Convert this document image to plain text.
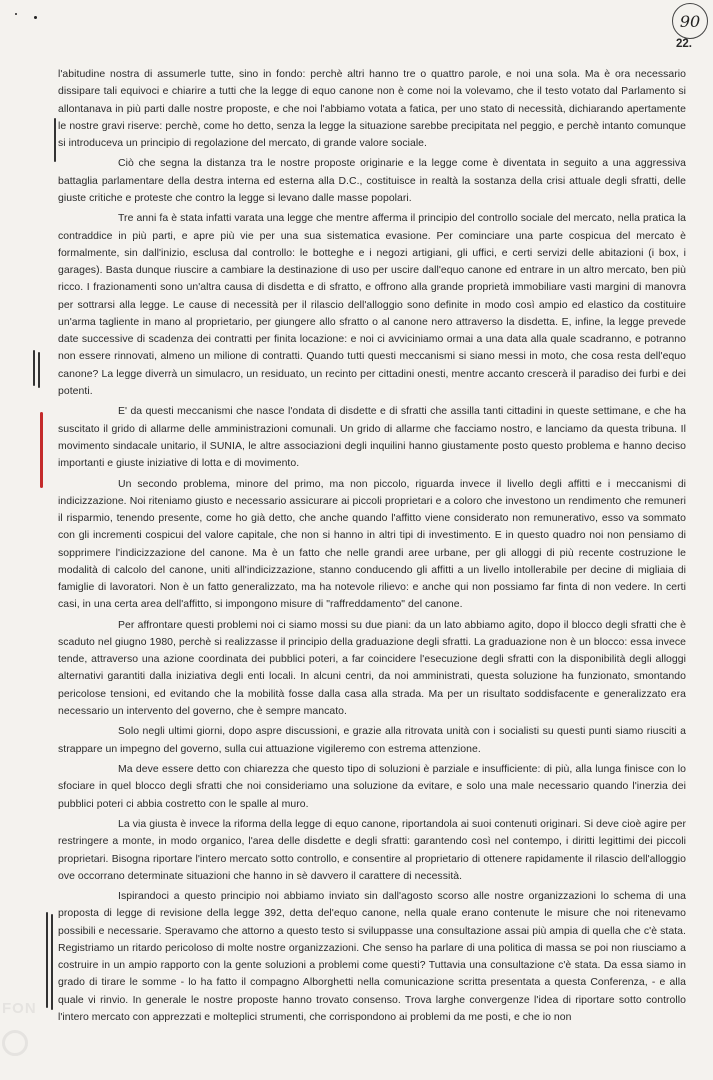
90
22.

l'abitudine nostra di assumerle tutte, sino in fondo: perchè altri hanno tre o quattro parole, e noi una sola. Ma è ora necessario dissipare tali equivoci e chiarire a tutti che la legge di equo canone non è come noi la volevamo, che il testo votato dal Parlamento si allontanava in più parti dalle nostre proposte, e che noi l'abbiamo votata a fatica, per uno stato di necessità, dichiarando apertamente le nostre gravi riserve: perchè, come ho detto, senza la legge la situazione sarebbe precipitata nel peggio, e perchè intanto comunque si introduceva un principio di regolazione del mercato, di grande valore sociale.

Ciò che segna la distanza tra le nostre proposte originarie e la legge come è diventata in seguito a una aggressiva battaglia parlamentare della destra interna ed esterna alla D.C., costituisce in realtà la sostanza della crisi attuale degli sfratti, delle giuste critiche e proteste che contro la legge si levano dalle masse popolari.

Tre anni fa è stata infatti varata una legge che mentre afferma il principio del controllo sociale del mercato, nella pratica la contraddice in più parti, e apre più vie per una sua sistematica evasione. Per cominciare una parte cospicua del mercato è formalmente, sin dall'inizio, esclusa dal controllo: le botteghe e i negozi artigiani, gli uffici, e certi servizi delle abitazioni (i box, i garages). Basta dunque riuscire a cambiare la destinazione di uso per uscire dall'equo canone ed entrare in un altro mercato, ben più ricco. I frazionamenti sono un'altra causa di disdetta e di sfratto, e offrono alla grande proprietà immobiliare vasti margini di manovra per sottrarsi alla legge. Le cause di necessità per il rilascio dell'alloggio sono definite in modo così ampio ed elastico da costituire un'arma tagliente in mano al proprietario, per giungere allo sfratto o al canone nero attraverso la disdetta. E, infine, la legge prevede date successive di scadenza dei contratti per finita locazione: e noi ci avviciniamo ormai a una data alla quale scadranno, e potranno non essere rinnovati, almeno un milione di contratti. Quando tutti questi meccanismi si siano messi in moto, che cosa resta dell'equo canone? La legge diverrà un simulacro, un residuato, un recinto per cittadini onesti, mentre accanto crescerà il paradiso dei furbi e dei potenti.

E' da questi meccanismi che nasce l'ondata di disdette e di sfratti che assilla tanti cittadini in queste settimane, e che ha suscitato il grido di allarme delle amministrazioni comunali. Un grido di allarme che facciamo nostro, e lanciamo da questa tribuna. Il movimento sindacale unitario, il SUNIA, le altre associazioni degli inquilini hanno giustamente posto questo problema e hanno deciso importanti e giuste iniziative di lotta e di movimento.

Un secondo problema, minore del primo, ma non piccolo, riguarda invece il livello degli affitti e i meccanismi di indicizzazione. Noi riteniamo giusto e necessario assicurare ai piccoli proprietari e a coloro che investono un rendimento che remuneri il risparmio, tenendo presente, come ho già detto, che anche quando l'affitto viene considerato non remunerativo, esso va sommato con gli incrementi cospicui del valore capitale, che non si hanno in altri tipi di investimento. E in questo quadro noi non pensiamo di sopprimere l'indicizzazione del canone. Ma è un fatto che nelle grandi aree urbane, per gli alloggi di più recente costruzione le modalità di calcolo del canone, uniti all'indicizzazione, stanno conducendo gli affitti a un livello intollerabile per decine di migliaia di famiglie di lavoratori. Non è un fatto generalizzato, ma ha notevole rilievo: e anche qui non possiamo far finta di non vedere. In certi casi, in una certa area dell'affitto, si impongono misure di "raffreddamento" del canone.

Per affrontare questi problemi noi ci siamo mossi su due piani: da un lato abbiamo agito, dopo il blocco degli sfratti che è scaduto nel giugno 1980, perchè si realizzasse il principio della graduazione degli sfratti. La graduazione non è un blocco: essa invece tende, attraverso una azione coordinata dei pubblici poteri, a far coincidere l'esecuzione degli sfratti con la disponibilità degli alloggi alternativi garantiti dalla iniziativa degli enti locali. In alcuni centri, da noi amministrati, questa soluzione ha funzionato, smontando pericolose tensioni, ed evitando che la mobilità fosse dalla casa alla strada. Ma per un risultato soddisfacente e generalizzato era necessario un intervento del governo, che è sempre mancato.

Solo negli ultimi giorni, dopo aspre discussioni, e grazie alla ritrovata unità con i socialisti su questi punti siamo riusciti a strappare un impegno del governo, sulla cui attuazione vigileremo con estrema attenzione.

Ma deve essere detto con chiarezza che questo tipo di soluzioni è parziale e insufficiente: di più, alla lunga finisce con lo sfociare in quel blocco degli sfratti che noi consideriamo una soluzione da evitare, e solo una male necessario quando l'inerzia dei pubblici poteri ci abbia costretto con le spalle al muro.

La via giusta è invece la riforma della legge di equo canone, riportandola ai suoi contenuti originari. Si deve cioè agire per restringere a monte, in modo organico, l'area delle disdette e degli sfratti: garantendo così nel contempo, i diritti legittimi dei piccoli proprietari. Bisogna riportare l'intero mercato sotto controllo, e consentire al proprietario di ottenere rapidamente il rilascio dell'alloggio ove occorrano determinate situazioni che hanno in sè davvero il carattere di necessità.

Ispirandoci a questo principio noi abbiamo inviato sin dall'agosto scorso alle nostre organizzazioni lo schema di una proposta di legge di revisione della legge 392, detta del'equo canone, nella quale erano contenute le misure che noi ritenevamo possibili e necessarie. Speravamo che attorno a questo testo si sviluppasse una consultazione assai più ampia di quella che c'è stata. Registriamo un ritardo pericoloso di molte nostre organizzazioni. Che senso ha parlare di una politica di massa se poi non riusciamo a costruire in un ampio rapporto con la gente soluzioni a problemi come questi? Tuttavia una consultazione c'è stata. Da essa siamo in grado di tirare le somme - lo ha fatto il compagno Alborghetti nella comunicazione scritta presentata a questa Conferenza, - e alla quale vi rinvio. In generale le nostre proposte hanno trovato consenso. Trova larghe convergenze l'idea di riportare sotto controllo l'intero mercato con apprezzati e molteplici strumenti, che corrispondono ai problemi da me posti, e che io non

FON
